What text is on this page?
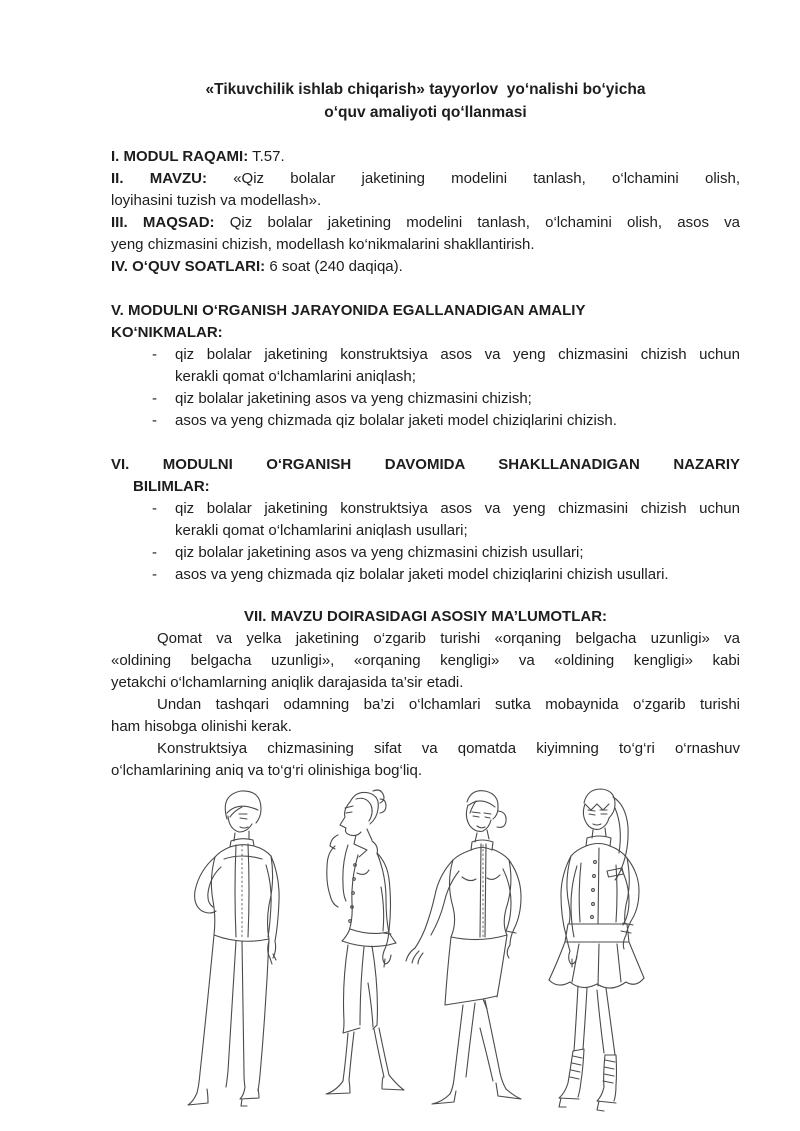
«Tikuvchilik ishlab chiqarish» tayyorlov  yo‘nalishi bo‘yicha
o‘quv amaliyoti qo‘llanmasi
I. MODUL RAQAMI: T.57.
II. MAVZU: «Qiz bolalar jaketining modelini tanlash, o‘lchamini olish,
loyihasini tuzish va modellash».
III. MAQSAD: Qiz bolalar jaketining modelini tanlash, o‘lchamini olish, asos va
yeng chizmasini chizish, modellash ko‘nikmalarini shakllantirish.
IV. O‘QUV SOATLARI: 6 soat (240 daqiqa).
V. MODULNI O‘RGANISH JARAYONIDA EGALLANADIGAN AMALIY
KO‘NIKMALAR:
-	qiz bolalar jaketining konstruktsiya asos va yeng chizmasini chizish uchun
kerakli qomat o‘lchamlarini aniqlash;
-	qiz bolalar jaketining asos va yeng chizmasini chizish;
-	asos va yeng chizmada qiz bolalar jaketi model chiziqlarini chizish.
VI. MODULNI O‘RGANISH DAVOMIDA SHAKLLANADIGAN NAZARIY
BILIMLAR:
-	qiz bolalar jaketining konstruktsiya asos va yeng chizmasini chizish uchun
kerakli qomat o‘lchamlarini aniqlash usullari;
-	qiz bolalar jaketining asos va yeng chizmasini chizish usullari;
-	asos va yeng chizmada qiz bolalar jaketi model chiziqlarini chizish usullari.
VII. MAVZU DOIRASIDAGI ASOSIY MA’LUMOTLAR:
Qomat va yelka jaketining o‘zgarib turishi «orqaning belgacha uzunligi» va
«oldining belgacha uzunligi», «orqaning kengligi» va «oldining kengligi» kabi
yetakchi o‘lchamlarning aniqlik darajasida ta’sir etadi.
Undan tashqari odamning ba’zi o‘lchamlari sutka mobaynida o‘zgarib turishi
ham hisobga olinishi kerak.
Konstruktsiya chizmasining sifat va qomatda kiyimning to‘g‘ri o‘rnashuv
o‘lchamlarining aniq va to‘g‘ri olinishiga bog‘liq.
